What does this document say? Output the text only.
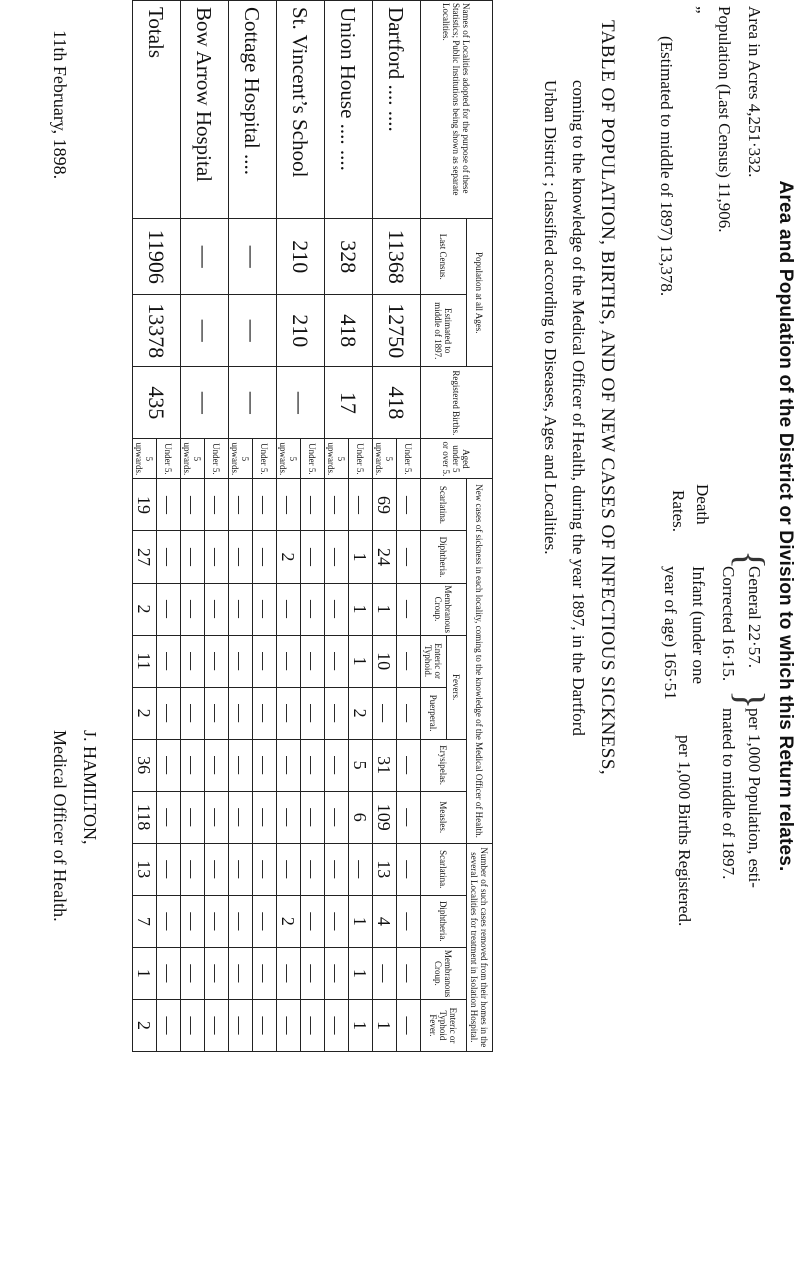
Area and Population of the District or Division to which this Return relates.
Area in Acres 4,251·332.
Population (Last Census) 11,906.
”
(Estimated to middle of 1897) 13,378.
Death
Rates.
{
General 22·57.
Corrected 16·15.
}
per 1,000 Population, esti-
mated to middle of 1897.
Infant (under one
year of age) 165·51
per 1,000 Births Registered.
TABLE OF POPULATION, BIRTHS, AND OF NEW CASES OF INFECTIOUS SICKNESS,
coming to the knowledge of the Medical Officer of Health, during the year 1897, in the Dartford
Urban District ; classified according to Diseases, Ages and Localities.
Names of Localities adopted for the purpose of these Statistics; Public Institutions being shown as separate Localities.	Population at all Ages.		Registered Births.	Aged under 5 or over 5.	New cases of sickness in each locality, coming to the knowledge of the Medical Officer of Health.							Number of such cases removed from their homes in the several Localities for treatment in Isolation Hospital.			
	Last Census.	Estimated to middle of 1897.			Scarlatina.	Diphtheria.	Membranous Croup.	Fevers.		Erysipelas.	Measles.	Scarlatina.	Diphtheria.	Membranous Croup.	Enteric or Typhoid Fever.
								Enteric or Typhoid.	Puerperal.						
Dartford .... ....	11368	12750	418	Under 5.	—	—	—	—	—	—	—	—	—	—	—
				5 upwards.	69	24	1	10	—	31	109	13	4	—	1
Union House .... ....	328	418	17	Under 5.	—	1	1	1	2	5	6	—	1	1	1
				5 upwards.	—	—	—	—	—	—	—	—	—	—	—
St. Vincent’s School	210	210	—	Under 5.	—	—	—	—	—	—	—	—	—	—	—
				5 upwards.	—	2	—	—	—	—	—	—	2	—	—
Cottage Hospital ....	—	—	—	Under 5.	—	—	—	—	—	—	—	—	—	—	—
				5 upwards.	—	—	—	—	—	—	—	—	—	—	—
Bow Arrow Hospital	—	—	—	Under 5.	—	—	—	—	—	—	—	—	—	—	—
				5 upwards.	—	—	—	—	—	—	—	—	—	—	—
Totals	11906	13378	435	Under 5.	—	—	—	—	—	—	—	—	—	—	—
				5 upwards.	19	27	2	11	2	36	118	13	7	1	2
J. HAMILTON,
Medical Officer of Health.
11th February, 1898.
